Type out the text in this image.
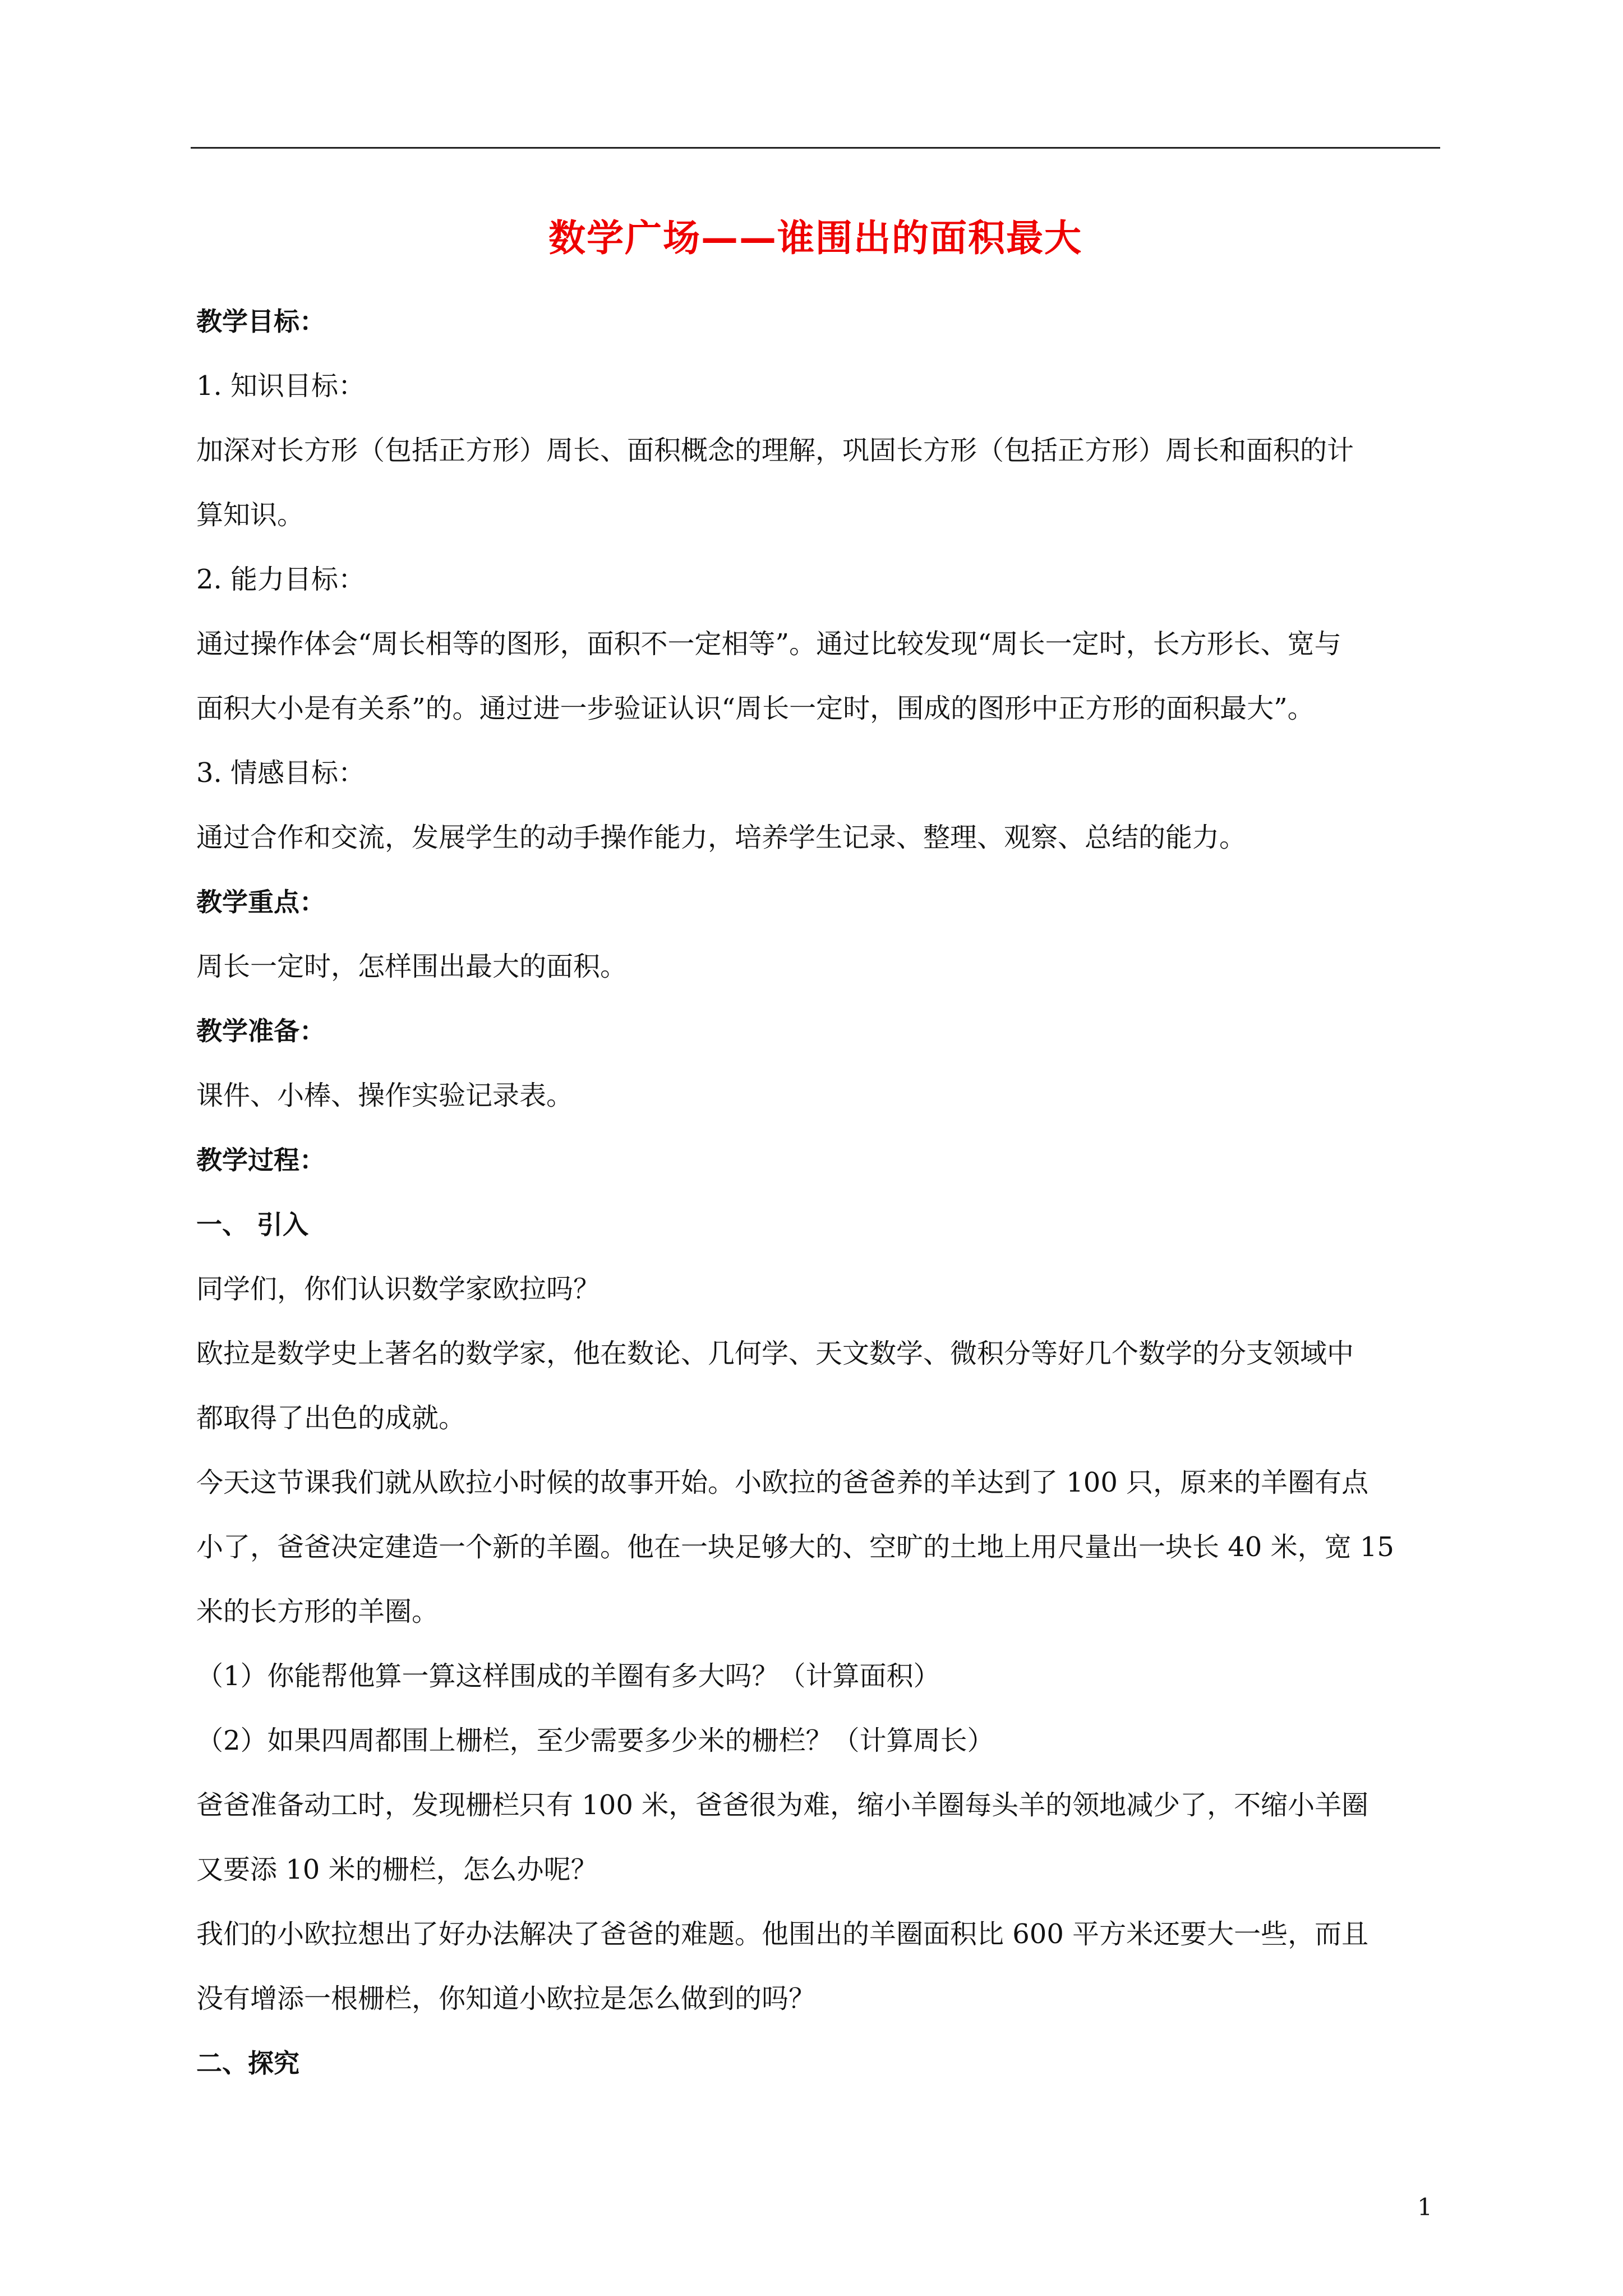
数学广场——谁围出的面积最大
教学目标：
1. 知识目标：
加深对长方形（包括正方形）周长、面积概念的理解，巩固长方形（包括正方形）周长和面积的计
算知识。
2. 能力目标：
通过操作体会“周长相等的图形，面积不一定相等”。通过比较发现“周长一定时，长方形长、宽与
面积大小是有关系”的。通过进一步验证认识“周长一定时，围成的图形中正方形的面积最大”。
3. 情感目标：
通过合作和交流，发展学生的动手操作能力，培养学生记录、整理、观察、总结的能力。
教学重点：
周长一定时，怎样围出最大的面积。
教学准备：
课件、小棒、操作实验记录表。
教学过程：
一、 引入
同学们，你们认识数学家欧拉吗？
欧拉是数学史上著名的数学家，他在数论、几何学、天文数学、微积分等好几个数学的分支领域中
都取得了出色的成就。
今天这节课我们就从欧拉小时候的故事开始。小欧拉的爸爸养的羊达到了 100 只，原来的羊圈有点
小了，爸爸决定建造一个新的羊圈。他在一块足够大的、空旷的土地上用尺量出一块长 40 米，宽 15
米的长方形的羊圈。
（1）你能帮他算一算这样围成的羊圈有多大吗？（计算面积）
（2）如果四周都围上栅栏，至少需要多少米的栅栏？（计算周长）
爸爸准备动工时，发现栅栏只有 100 米，爸爸很为难，缩小羊圈每头羊的领地减少了，不缩小羊圈
又要添 10 米的栅栏，怎么办呢？
我们的小欧拉想出了好办法解决了爸爸的难题。他围出的羊圈面积比 600 平方米还要大一些，而且
没有增添一根栅栏，你知道小欧拉是怎么做到的吗？
二、探究
1
